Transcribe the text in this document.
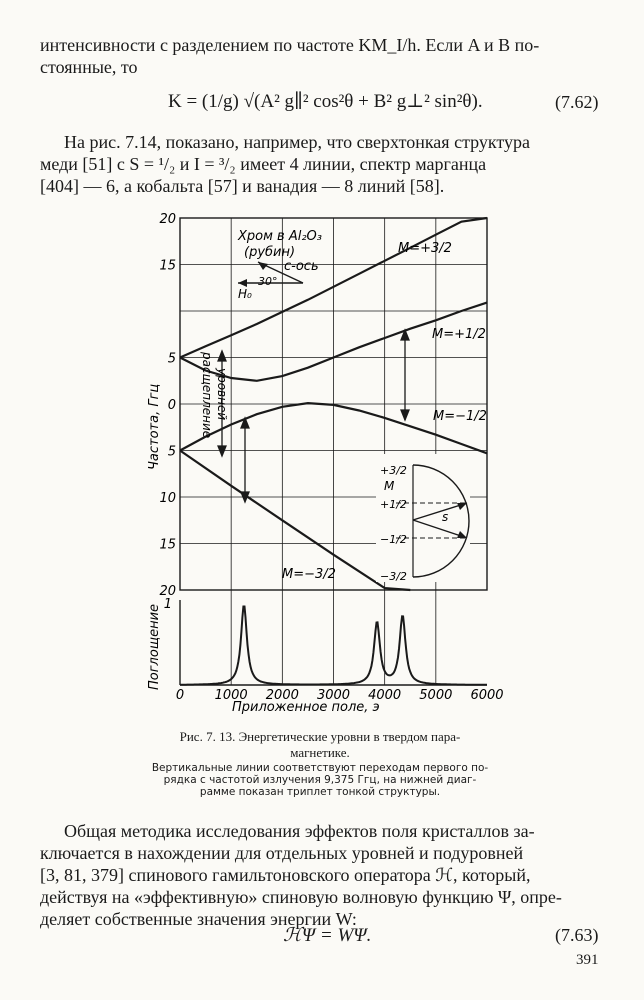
интенсивности с разделением по частоте KM_I/h. Если A и B по-
стоянные, то
K = (1/g) √(A² g∥² cos²θ + B² g⊥² sin²θ).	(7.62)
На рис. 7.14, показано, например, что сверхтонкая структура
меди [51] с S = ¹/₂ и I = ³/₂ имеет 4 линии, спектр марганца
[404] — 6, а кобальта [57] и ванадия — 8 линий [58].
20
15
5
0
5
10
15
20
0 1000 2000 3000 4000 5000 6000
Хром в Al₂O₃
(рубин)
c-ось
30°
H₀
M=+3/2
M=+1/2
M=−1/2
M=−3/2
расщепление уровней
s
+3/2
M
+1/2
−1/2
−3/2
1
Частота, Ггц
Поглощение
Приложенное поле, э
Рис. 7. 13. Энергетические уровни в твердом пара-
магнетике.
Вертикальные линии соответствуют переходам первого по-
рядка с частотой излучения 9,375 Ггц, на нижней диаг-
рамме показан триплет тонкой структуры.
Общая методика исследования эффектов поля кристаллов за-
ключается в нахождении для отдельных уровней и подуровней
[3, 81, 379] спинового гамильтоновского оператора ℋ, который,
действуя на «эффективную» спиновую волновую функцию Ψ, опре-
деляет собственные значения энергии W:
ℋΨ = WΨ.	(7.63)
391
